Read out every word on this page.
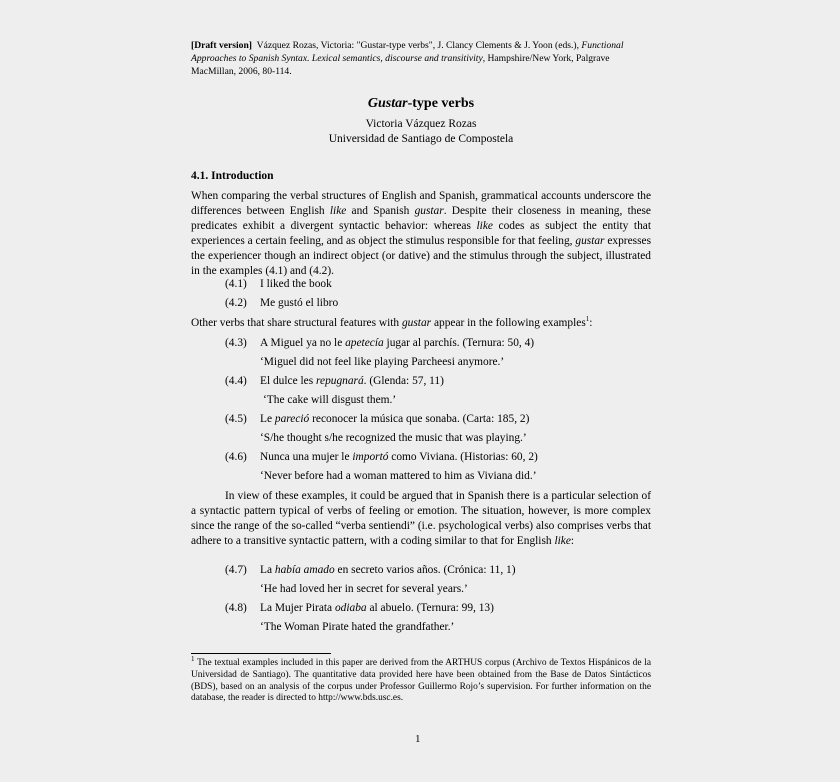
[Draft version] Vázquez Rozas, Victoria: "Gustar-type verbs", J. Clancy Clements & J. Yoon (eds.), Functional Approaches to Spanish Syntax. Lexical semantics, discourse and transitivity, Hampshire/New York, Palgrave MacMillan, 2006, 80-114.
Gustar-type verbs
Victoria Vázquez Rozas
Universidad de Santiago de Compostela
4.1. Introduction
When comparing the verbal structures of English and Spanish, grammatical accounts underscore the differences between English like and Spanish gustar. Despite their closeness in meaning, these predicates exhibit a divergent syntactic behavior: whereas like codes as subject the entity that experiences a certain feeling, and as object the stimulus responsible for that feeling, gustar expresses the experiencer though an indirect object (or dative) and the stimulus through the subject, illustrated in the examples (4.1) and (4.2).
(4.1) I liked the book
(4.2) Me gustó el libro
Other verbs that share structural features with gustar appear in the following examples$^1$:
(4.3) A Miguel ya no le apetecía jugar al parchís. (Ternura: 50, 4)
‘Miguel did not feel like playing Parcheesi anymore.’
(4.4) El dulce les repugnará. (Glenda: 57, 11)
‘The cake will disgust them.’
(4.5) Le pareció reconocer la música que sonaba. (Carta: 185, 2)
‘S/he thought s/he recognized the music that was playing.’
(4.6) Nunca una mujer le importó como Viviana. (Historias: 60, 2)
‘Never before had a woman mattered to him as Viviana did.’
In view of these examples, it could be argued that in Spanish there is a particular selection of a syntactic pattern typical of verbs of feeling or emotion. The situation, however, is more complex since the range of the so-called “verba sentiendi” (i.e. psychological verbs) also comprises verbs that adhere to a transitive syntactic pattern, with a coding similar to that for English like:
(4.7) La había amado en secreto varios años. (Crónica: 11, 1)
‘He had loved her in secret for several years.’
(4.8) La Mujer Pirata odiaba al abuelo. (Ternura: 99, 13)
‘The Woman Pirate hated the grandfather.’
$^1$ The textual examples included in this paper are derived from the ARTHUS corpus (Archivo de Textos Hispánicos de la Universidad de Santiago). The quantitative data provided here have been obtained from the Base de Datos Sintácticos (BDS), based on an analysis of the corpus under Professor Guillermo Rojo’s supervision. For further information on the database, the reader is directed to http://www.bds.usc.es.
1
